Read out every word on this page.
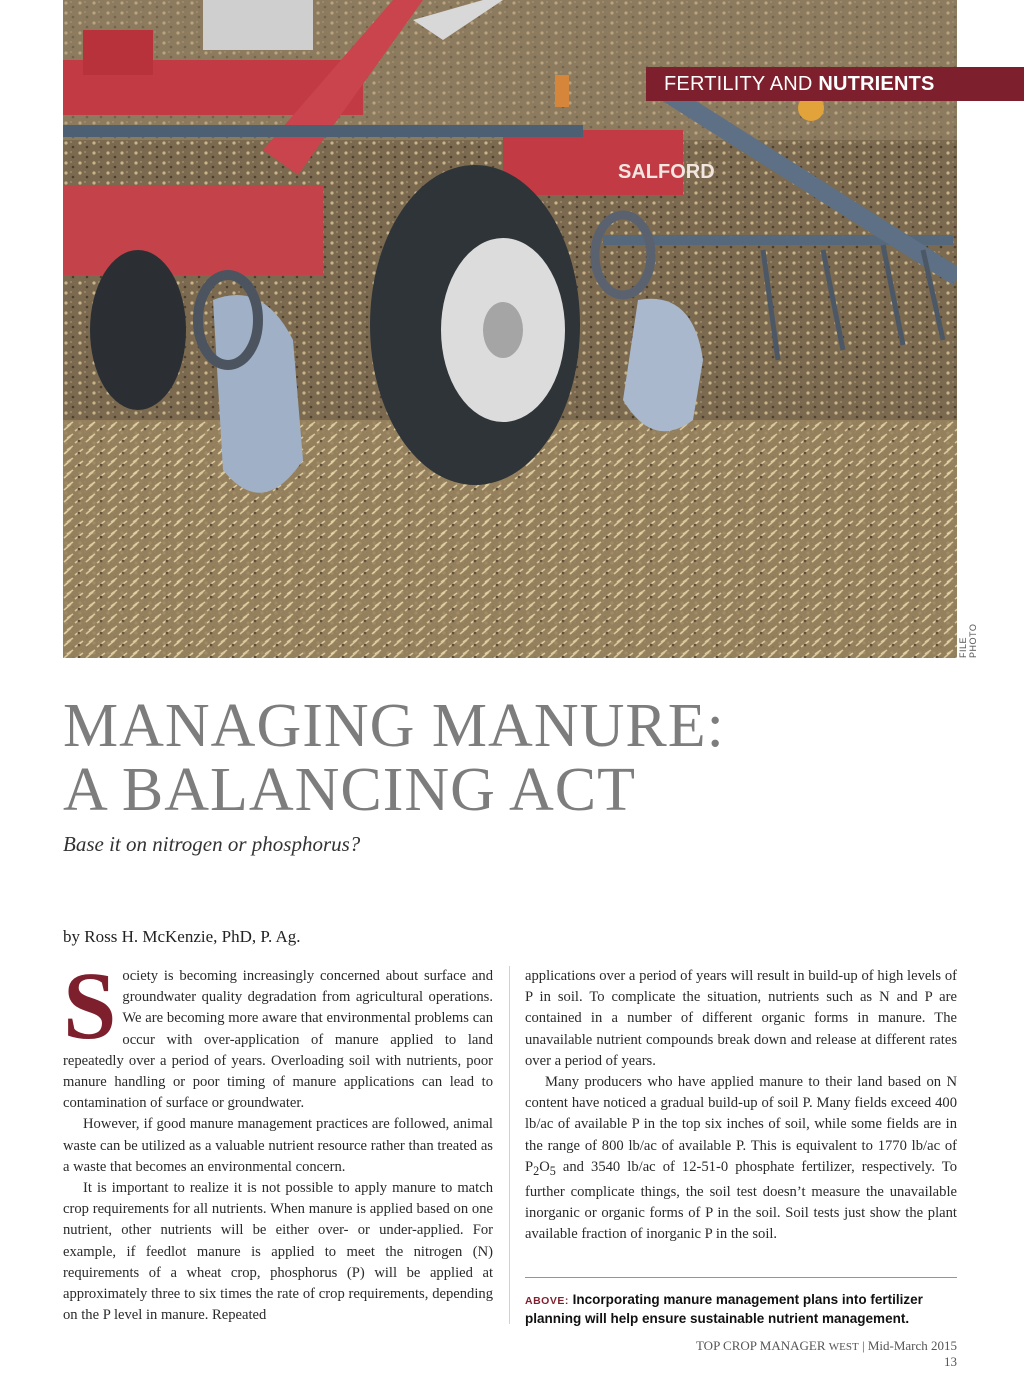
SALFORD
FILE PHOTO
FERTILITY AND NUTRIENTS
MANAGING MANURE:
A BALANCING ACT
Base it on nitrogen or phosphorus?
by Ross H. McKenzie, PhD, P. Ag.
S ociety is becoming increasingly concerned about surface and groundwater quality degradation from agricultural operations. We are becoming more aware that environmental problems can occur with over-application of manure applied to land repeatedly over a period of years. Overloading soil with nutrients, poor manure handling or poor timing of manure applications can lead to contamination of surface or groundwater.

However, if good manure management practices are followed, animal waste can be utilized as a valuable nutrient resource rather than treated as a waste that becomes an environmental concern.

It is important to realize it is not possible to apply manure to match crop requirements for all nutrients. When manure is applied based on one nutrient, other nutrients will be either over- or under-applied. For example, if feedlot manure is applied to meet the nitrogen (N) requirements of a wheat crop, phosphorus (P) will be applied at approximately three to six times the rate of crop requirements, depending on the P level in manure. Repeated

applications over a period of years will result in build-up of high levels of P in soil. To complicate the situation, nutrients such as N and P are contained in a number of different organic forms in manure. The unavailable nutrient compounds break down and release at different rates over a period of years.

Many producers who have applied manure to their land based on N content have noticed a gradual build-up of soil P. Many fields exceed 400 lb/ac of available P in the top six inches of soil, while some fields are in the range of 800 lb/ac of available P. This is equivalent to 1770 lb/ac of $P_2O_5$ and 3540 lb/ac of 12-51-0 phosphate fertilizer, respectively. To further complicate things, the soil test doesn’t measure the unavailable inorganic or organic forms of P in the soil. Soil tests just show the plant available fraction of inorganic P in the soil.

ABOVE: Incorporating manure management plans into fertilizer planning will help ensure sustainable nutrient management.
TOP CROP MANAGER WEST | Mid-March 2015 13
